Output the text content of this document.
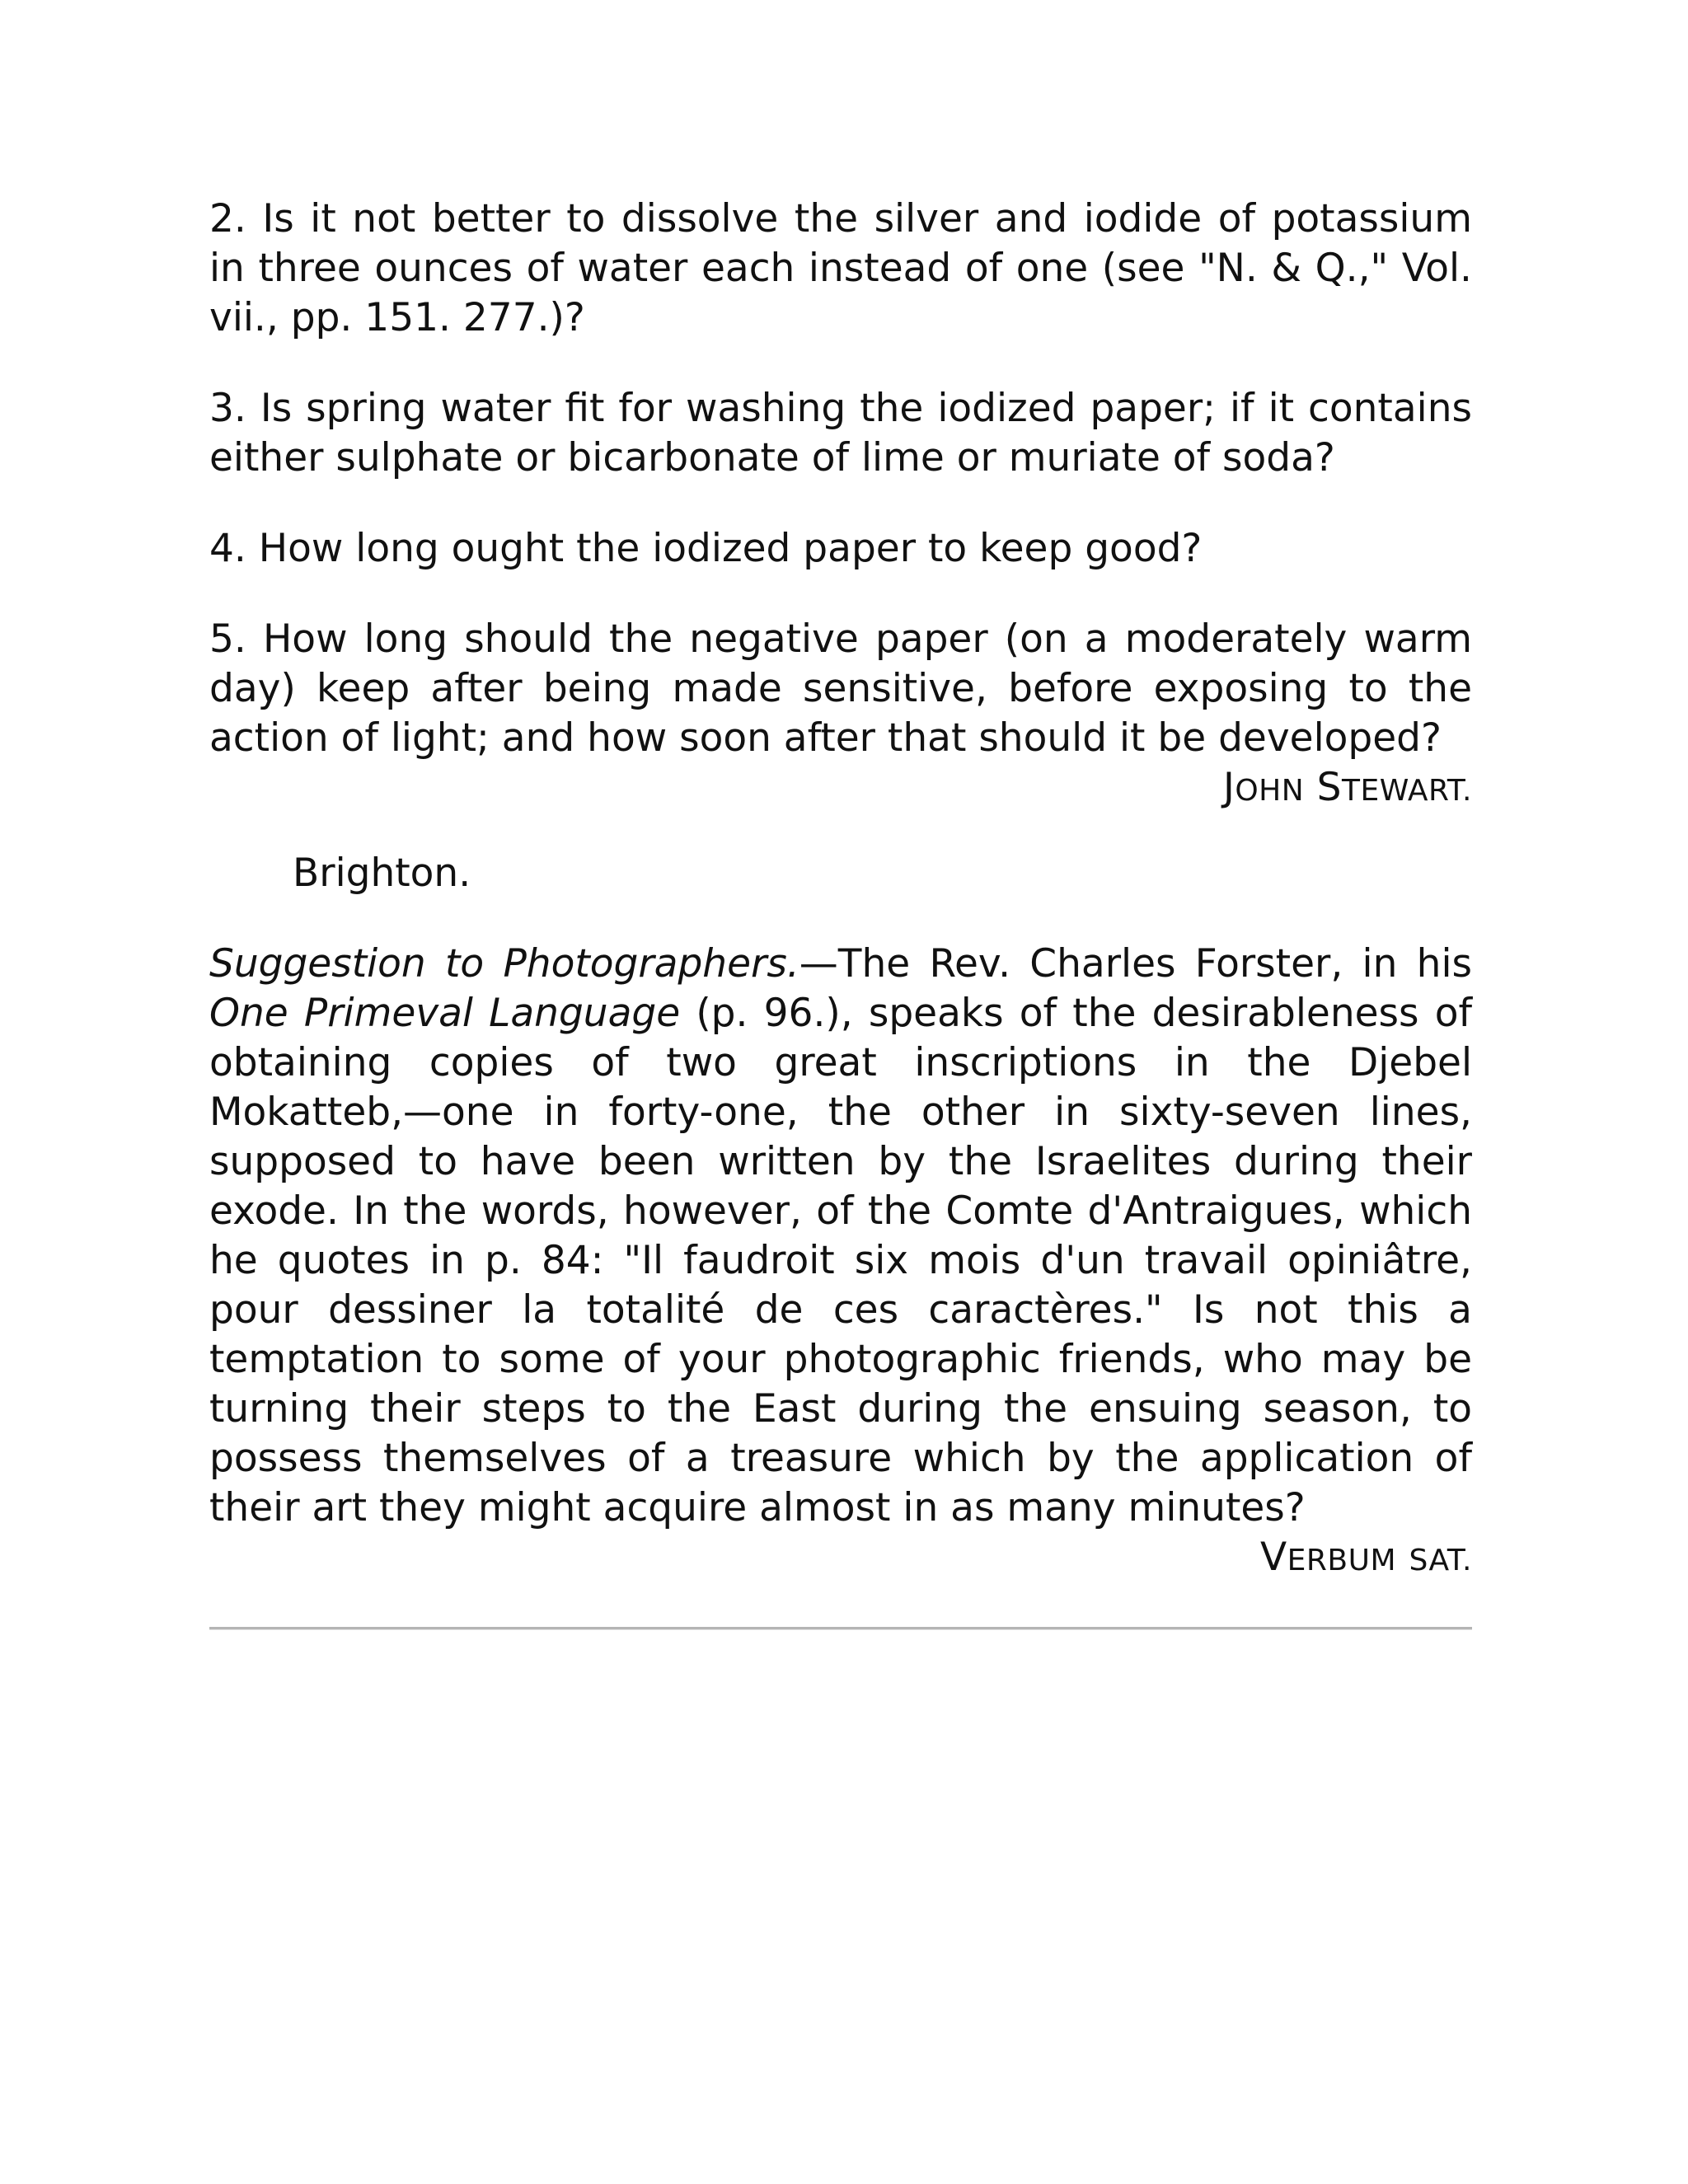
2. Is it not better to dissolve the silver and iodide of potassium in three ounces of water each instead of one (see "N. & Q.," Vol. vii., pp. 151. 277.)?

3. Is spring water fit for washing the iodized paper; if it contains either sulphate or bicarbonate of lime or muriate of soda?

4. How long ought the iodized paper to keep good?

5. How long should the negative paper (on a moderately warm day) keep after being made sensitive, before exposing to the action of light; and how soon after that should it be developed?

JOHN STEWART.

Brighton.

Suggestion to Photographers.—The Rev. Charles Forster, in his One Primeval Language (p. 96.), speaks of the desirableness of obtaining copies of two great inscriptions in the Djebel Mokatteb,—one in forty-one, the other in sixty-seven lines, supposed to have been written by the Israelites during their exode. In the words, however, of the Comte d'Antraigues, which he quotes in p. 84: "Il faudroit six mois d'un travail opiniâtre, pour dessiner la totalité de ces caractères." Is not this a temptation to some of your photographic friends, who may be turning their steps to the East during the ensuing season, to possess themselves of a treasure which by the application of their art they might acquire almost in as many minutes?

VERBUM SAT.
